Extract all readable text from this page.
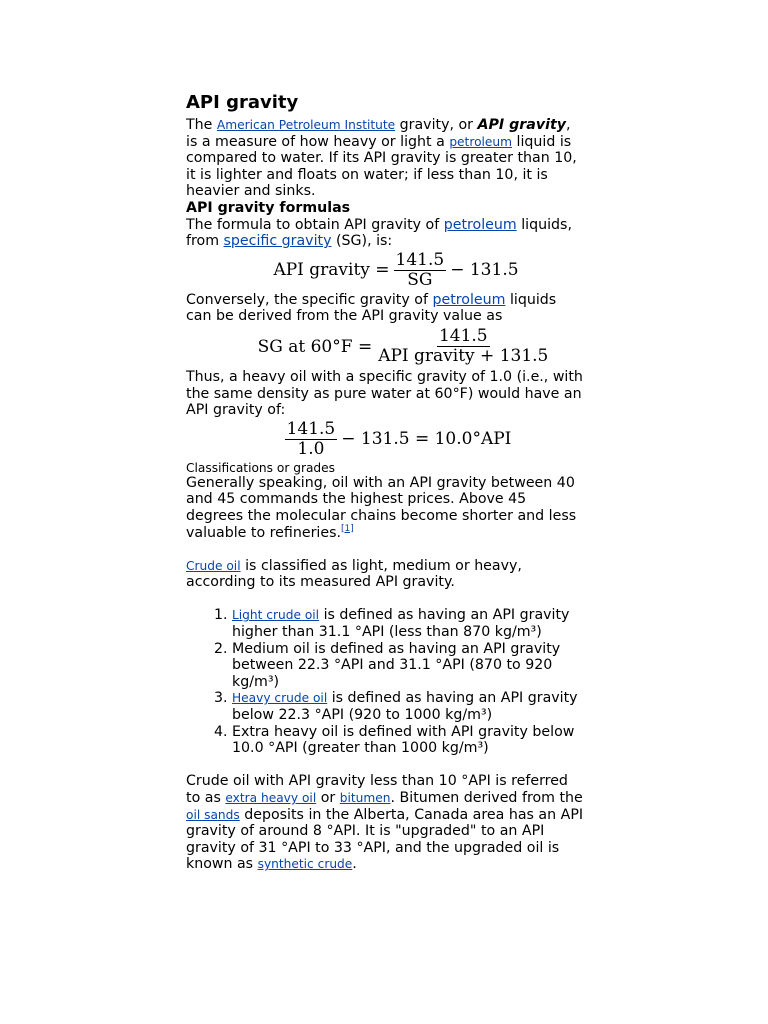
API gravity

The American Petroleum Institute gravity, or API gravity, is a measure of how heavy or light a petroleum liquid is compared to water. If its API gravity is greater than 10, it is lighter and floats on water; if less than 10, it is heavier and sinks.

API gravity formulas

The formula to obtain API gravity of petroleum liquids, from specific gravity (SG), is:

API gravity = $\frac{141.5}{SG} - 131.5$

Conversely, the specific gravity of petroleum liquids can be derived from the API gravity value as

SG at $60^\circ F = \frac{141.5}{\text{API gravity + 131.5}}$

Thus, a heavy oil with a specific gravity of 1.0 (i.e., with the same density as pure water at 60°F) would have an API gravity of:

$\frac{141.5}{1.0} - 131.5 = 10.0^\circ API$
Classifications or grades

Generally speaking, oil with an API gravity between 40 and 45 commands the highest prices. Above 45 degrees the molecular chains become shorter and less valuable to refineries.[1]

Crude oil is classified as light, medium or heavy, according to its measured API gravity.

1. Light crude oil is defined as having an API gravity higher than 31.1 °API (less than 870 kg/m³)
2. Medium oil is defined as having an API gravity between 22.3 °API and 31.1 °API (870 to 920 kg/m³)
3. Heavy crude oil is defined as having an API gravity below 22.3 °API (920 to 1000 kg/m³)
4. Extra heavy oil is defined with API gravity below 10.0 °API (greater than 1000 kg/m³)

Crude oil with API gravity less than 10 °API is referred to as extra heavy oil or bitumen. Bitumen derived from the oil sands deposits in the Alberta, Canada area has an API gravity of around 8 °API. It is "upgraded" to an API gravity of 31 °API to 33 °API, and the upgraded oil is known as synthetic crude.
